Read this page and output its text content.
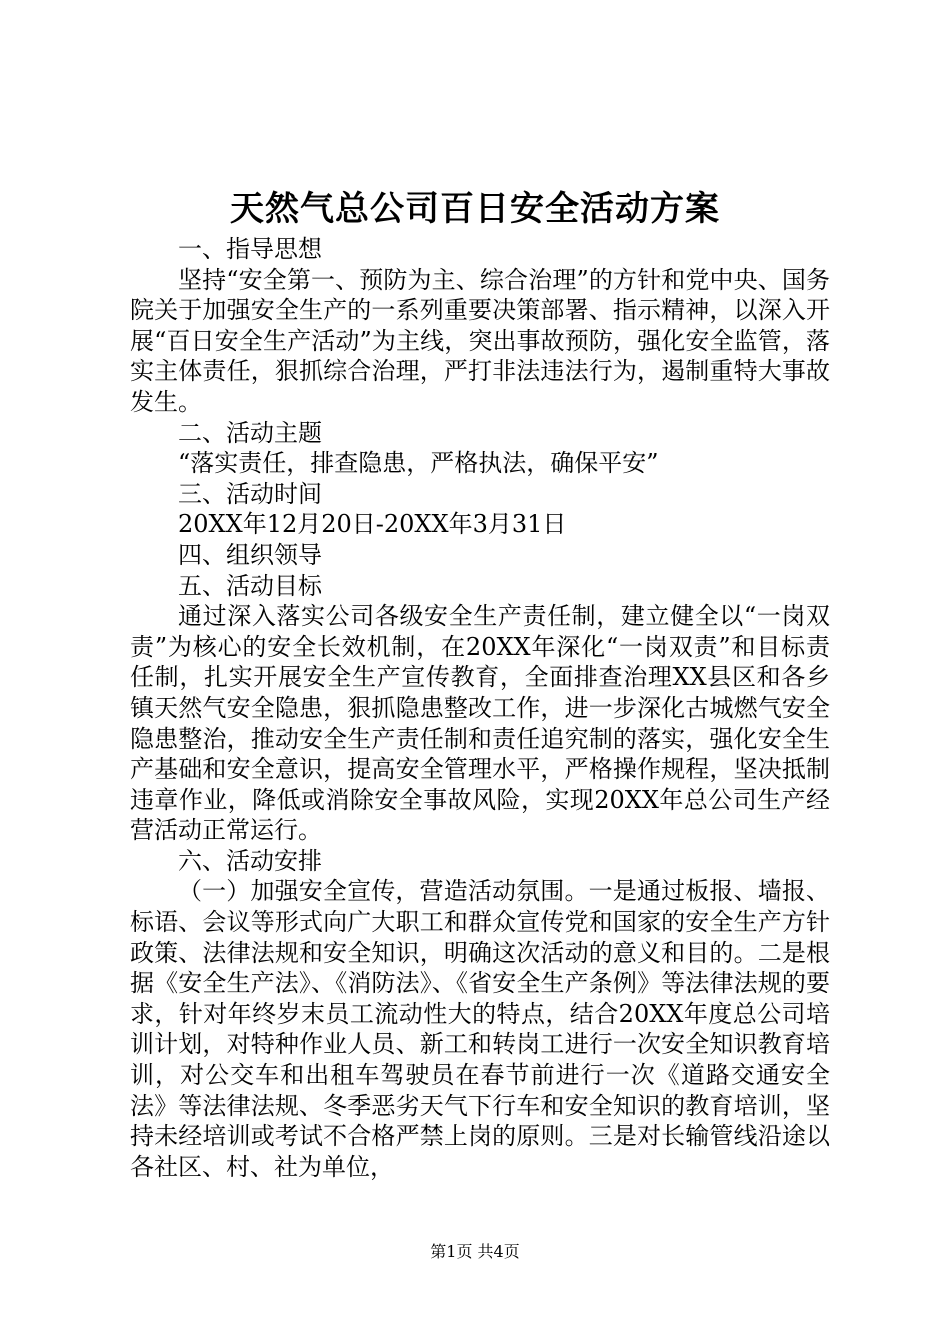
天然气总公司百日安全活动方案

一、指导思想

坚持“安全第一、预防为主、综合治理”的方针和党中央、国务院关于加强安全生产的一系列重要决策部署、指示精神，以深入开展“百日安全生产活动”为主线，突出事故预防，强化安全监管，落实主体责任，狠抓综合治理，严打非法违法行为，遏制重特大事故发生。

二、活动主题

“落实责任，排查隐患，严格执法，确保平安”

三、活动时间

20XX年12月20日-20XX年3月31日

四、组织领导

五、活动目标

通过深入落实公司各级安全生产责任制，建立健全以“一岗双责”为核心的安全长效机制，在20XX年深化“一岗双责”和目标责任制，扎实开展安全生产宣传教育，全面排查治理XX县区和各乡镇天然气安全隐患，狠抓隐患整改工作，进一步深化古城燃气安全隐患整治，推动安全生产责任制和责任追究制的落实，强化安全生产基础和安全意识，提高安全管理水平，严格操作规程，坚决抵制违章作业，降低或消除安全事故风险，实现20XX年总公司生产经营活动正常运行。

六、活动安排

（一）加强安全宣传，营造活动氛围。一是通过板报、墙报、标语、会议等形式向广大职工和群众宣传党和国家的安全生产方针政策、法律法规和安全知识，明确这次活动的意义和目的。二是根据《安全生产法》、《消防法》、《省安全生产条例》等法律法规的要求，针对年终岁末员工流动性大的特点，结合20XX年度总公司培训计划，对特种作业人员、新工和转岗工进行一次安全知识教育培训，对公交车和出租车驾驶员在春节前进行一次《道路交通安全法》等法律法规、冬季恶劣天气下行车和安全知识的教育培训，坚持未经培训或考试不合格严禁上岗的原则。三是对长输管线沿途以各社区、村、社为单位，

第1页 共4页
